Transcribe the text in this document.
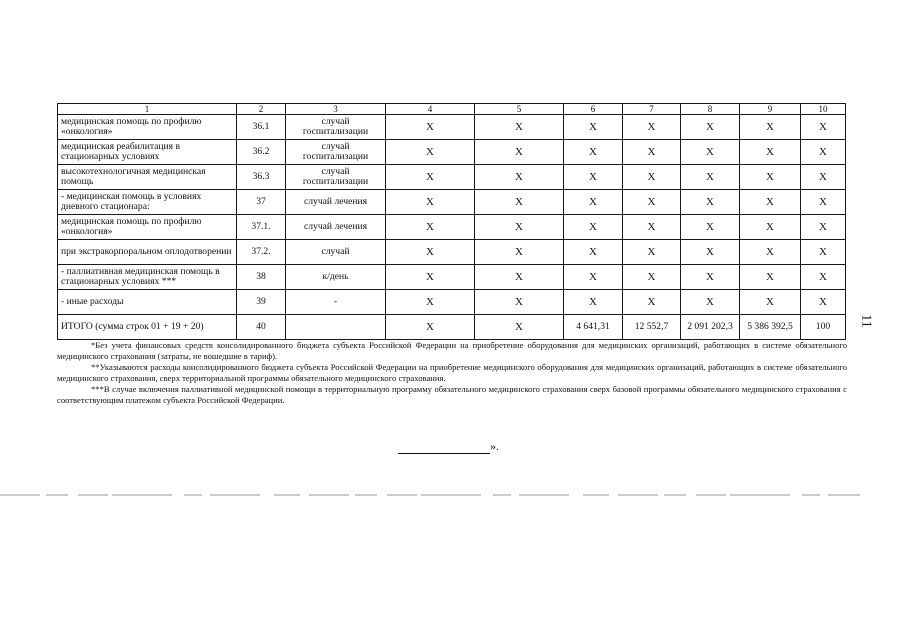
1	2	3	4	5	6	7	8	9	10
медицинская помощь по профилю «онкология»	36.1	случай госпитализации	X	X	X	X	X	X	X
медицинская реабилитация в стационарных условиях	36.2	случай госпитализации	X	X	X	X	X	X	X
высокотехнологичная медицинская помощь	36.3	случай госпитализации	X	X	X	X	X	X	X
- медицинская помощь в условиях дневного стационара:	37	случай лечения	X	X	X	X	X	X	X
медицинская помощь по профилю «онкология»	37.1.	случай лечения	X	X	X	X	X	X	X
при экстракорпоральном оплодотворении	37.2.	случай	X	X	X	X	X	X	X
- паллиативная медицинская помощь в стационарных условиях ***	38	к/день	X	X	X	X	X	X	X
- иные расходы	39	-	X	X	X	X	X	X	X
ИТОГО (сумма строк 01 + 19 + 20)	40		X	X	4 641,31	12 552,7	2 091 202,3	5 386 392,5	100 11

*Без учета финансовых средств консолидированного бюджета субъекта Российской Федерации на приобретение оборудования для медицинских организаций, работающих в системе обязательного медицинского страхования (затраты, не вошедшие в тариф).

**Указываются расходы консолидированного бюджета субъекта Российской Федерации на приобретение медицинского оборудования для медицинских организаций, работающих в системе обязательного медицинского страхования, сверх территориальной программы обязательного медицинского страхования.

***В случае включения паллиативной медицинской помощи в территориальную программу обязательного медицинского страхования сверх базовой программы обязательного медицинского страхования с соответствующим платежом субъекта Российской Федерации.

».
